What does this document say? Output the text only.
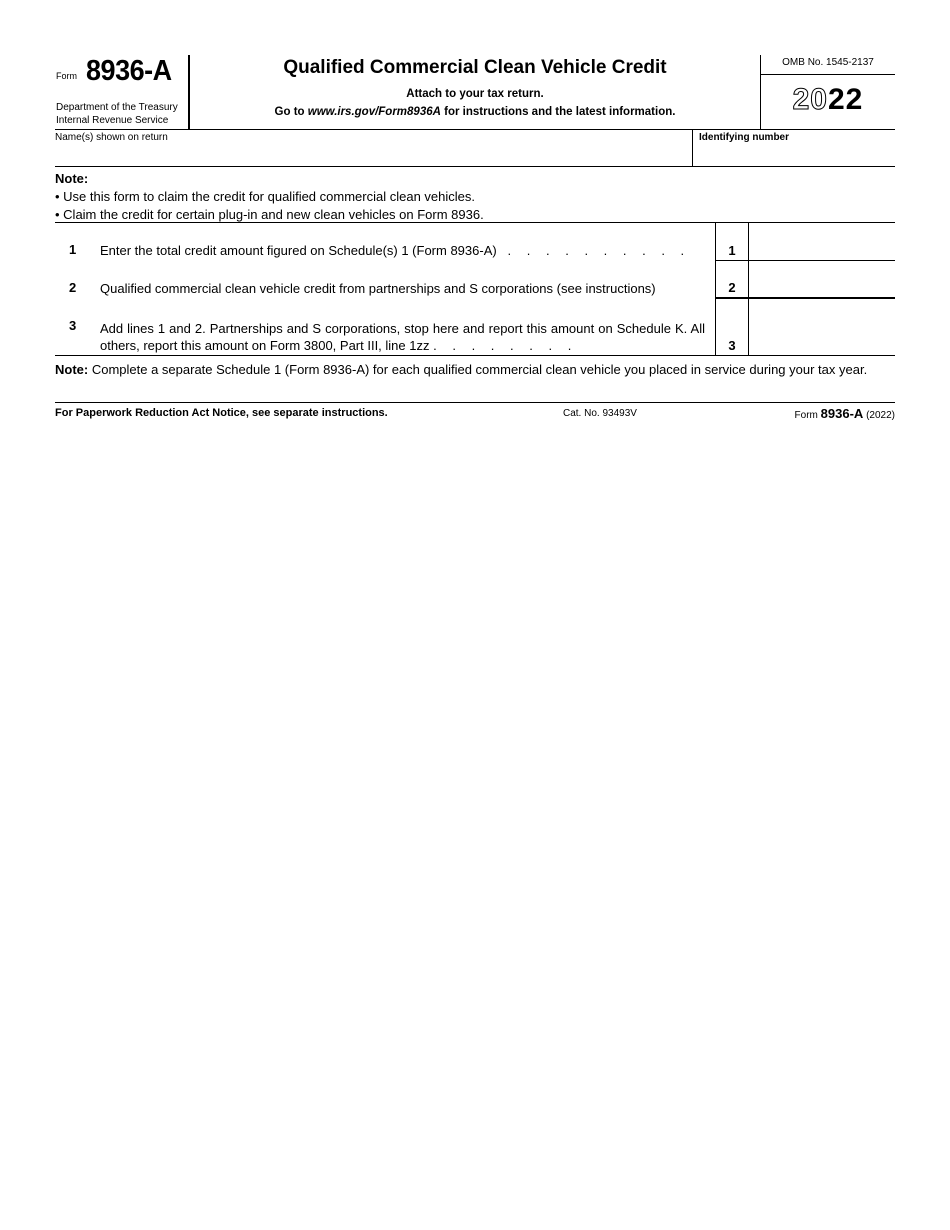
Form 8936-A
Department of the Treasury
Internal Revenue Service
Qualified Commercial Clean Vehicle Credit
Attach to your tax return.
Go to www.irs.gov/Form8936A for instructions and the latest information.
OMB No. 1545-2137
2022
Name(s) shown on return	Identifying number
Note:
• Use this form to claim the credit for qualified commercial clean vehicles.
• Claim the credit for certain plug-in and new clean vehicles on Form 8936.
1 Enter the total credit amount figured on Schedule(s) 1 (Form 8936-A) . . . . . . . . . .	1
2 Qualified commercial clean vehicle credit from partnerships and S corporations (see instructions)	2
3 Add lines 1 and 2. Partnerships and S corporations, stop here and report this amount on Schedule K. All others, report this amount on Form 3800, Part III, line 1zz . . . . . . . .	3
Note: Complete a separate Schedule 1 (Form 8936-A) for each qualified commercial clean vehicle you placed in service during your tax year.
For Paperwork Reduction Act Notice, see separate instructions.	Cat. No. 93493V	Form 8936-A (2022)
